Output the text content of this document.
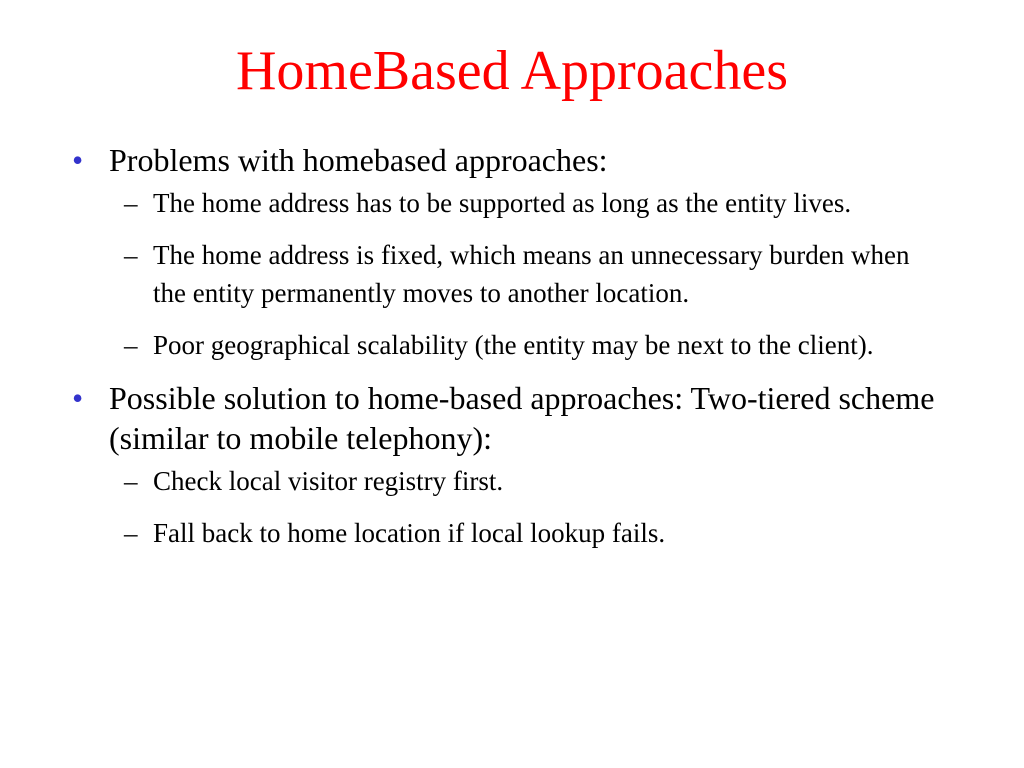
HomeBased Approaches
• Problems with homebased approaches:
– The home address has to be supported as long as the entity lives.
– The home address is fixed, which means an unnecessary burden when the entity permanently moves to another location.
– Poor geographical scalability (the entity may be next to the client).
• Possible solution to home-based approaches: Two-tiered scheme (similar to mobile telephony):
– Check local visitor registry first.
– Fall back to home location if local lookup fails.
